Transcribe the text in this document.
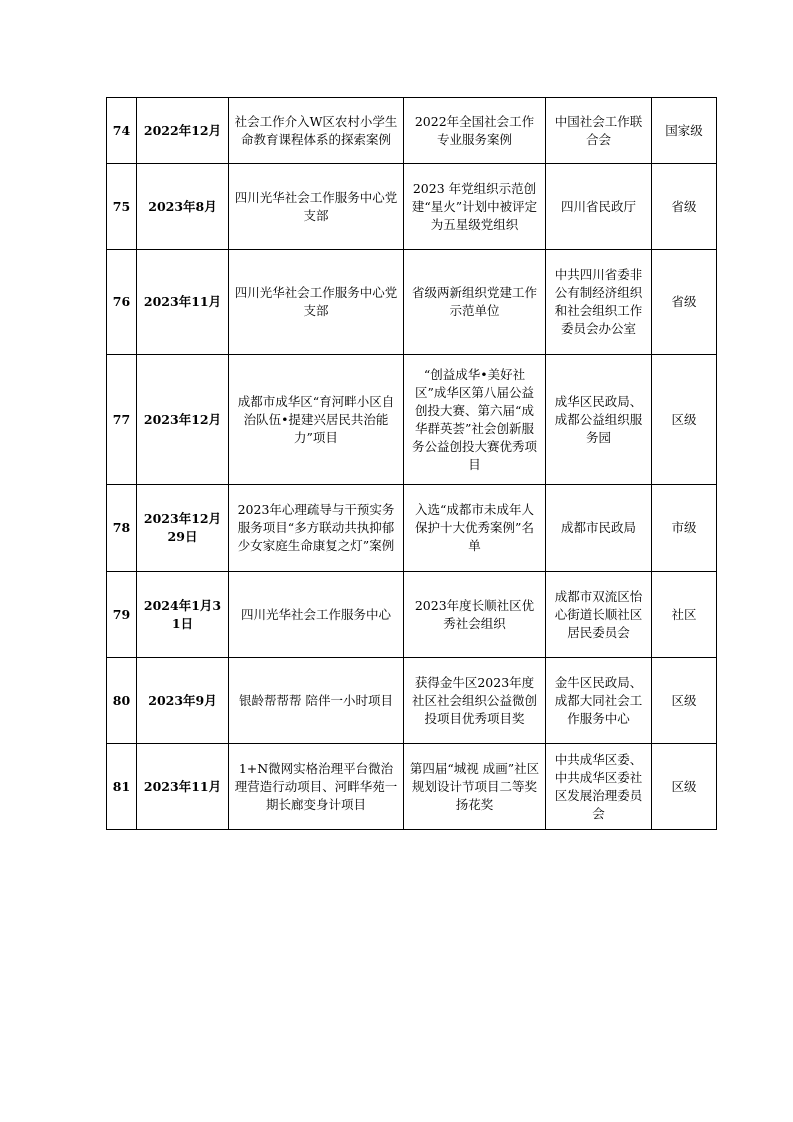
74	2022年12月	社会工作介入W区农村小学生命教育课程体系的探索案例	2022年全国社会工作专业服务案例	中国社会工作联合会	国家级
75	2023年8月	四川光华社会工作服务中心党支部	2023 年党组织示范创建“星火”计划中被评定为五星级党组织	四川省民政厅	省级
76	2023年11月	四川光华社会工作服务中心党支部	省级两新组织党建工作示范单位	中共四川省委非公有制经济组织和社会组织工作委员会办公室	省级
77	2023年12月	成都市成华区“育河畔小区自治队伍•提建兴居民共治能力”项目	“创益成华•美好社区”成华区第八届公益创投大赛、第六届“成华群英荟”社会创新服务公益创投大赛优秀项目	成华区民政局、成都公益组织服务园	区级
78	2023年12月29日	2023年心理疏导与干预实务服务项目“多方联动共执抑郁少女家庭生命康复之灯”案例	入选“成都市未成年人保护十大优秀案例”名单	成都市民政局	市级
79	2024年1月31日	四川光华社会工作服务中心	2023年度长顺社区优秀社会组织	成都市双流区怡心街道长顺社区居民委员会	社区
80	2023年9月	银龄帮帮帮 陪伴一小时项目	获得金牛区2023年度社区社会组织公益微创投项目优秀项目奖	金牛区民政局、成都大同社会工作服务中心	区级
81	2023年11月	1+N微网实格治理平台微治理营造行动项目、河畔华苑一期长廊变身计项目	第四届“城视 成画”社区规划设计节项目二等奖扬花奖	中共成华区委、中共成华区委社区发展治理委员会	区级
